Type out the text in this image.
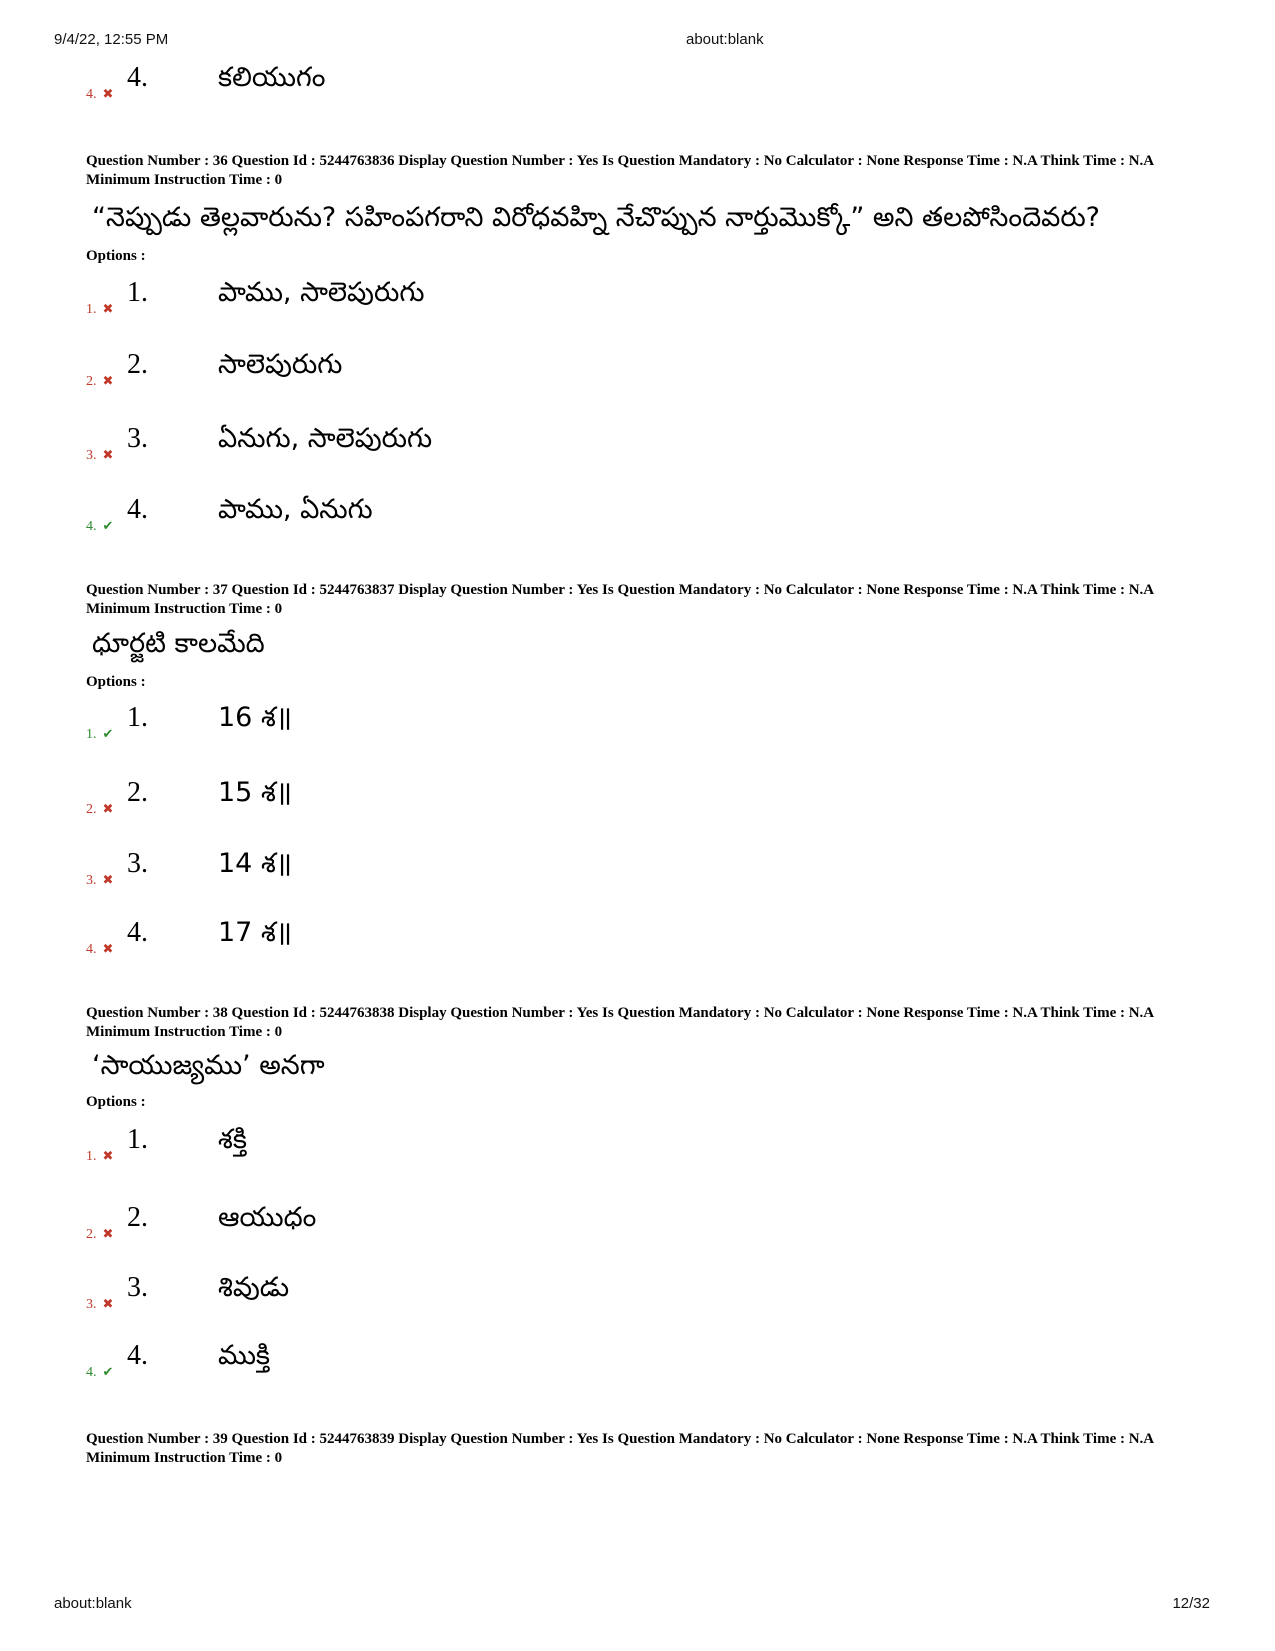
9/4/22, 12:55 PM	about:blank
4. ✖
4.	కలియుగం
Question Number : 36 Question Id : 5244763836 Display Question Number : Yes Is Question Mandatory : No Calculator : None Response Time : N.A Think Time : N.A Minimum Instruction Time : 0
“నెప్పుడు తెల్లవారును? సహింపగరాని విరోధవహ్ని నేచొప్పున నార్తుమొక్కో” అని తలపోసిందెవరు?
Options :
1. ✖
1.	పాము, సాలెపురుగు
2. ✖
2.	సాలెపురుగు
3. ✖
3.	ఏనుగు, సాలెపురుగు
4. ✔
4.	పాము, ఏనుగు
Question Number : 37 Question Id : 5244763837 Display Question Number : Yes Is Question Mandatory : No Calculator : None Response Time : N.A Think Time : N.A Minimum Instruction Time : 0
ధూర్జటి కాలమేది
Options :
1. ✔
1.	16 శ॥
2. ✖
2.	15 శ॥
3. ✖
3.	14 శ॥
4. ✖
4.	17 శ॥
Question Number : 38 Question Id : 5244763838 Display Question Number : Yes Is Question Mandatory : No Calculator : None Response Time : N.A Think Time : N.A Minimum Instruction Time : 0
‘సాయుజ్యము’ అనగా
Options :
1. ✖
1.	శక్తి
2. ✖
2.	ఆయుధం
3. ✖
3.	శివుడు
4. ✔
4.	ముక్తి
Question Number : 39 Question Id : 5244763839 Display Question Number : Yes Is Question Mandatory : No Calculator : None Response Time : N.A Think Time : N.A Minimum Instruction Time : 0
about:blank	12/32
